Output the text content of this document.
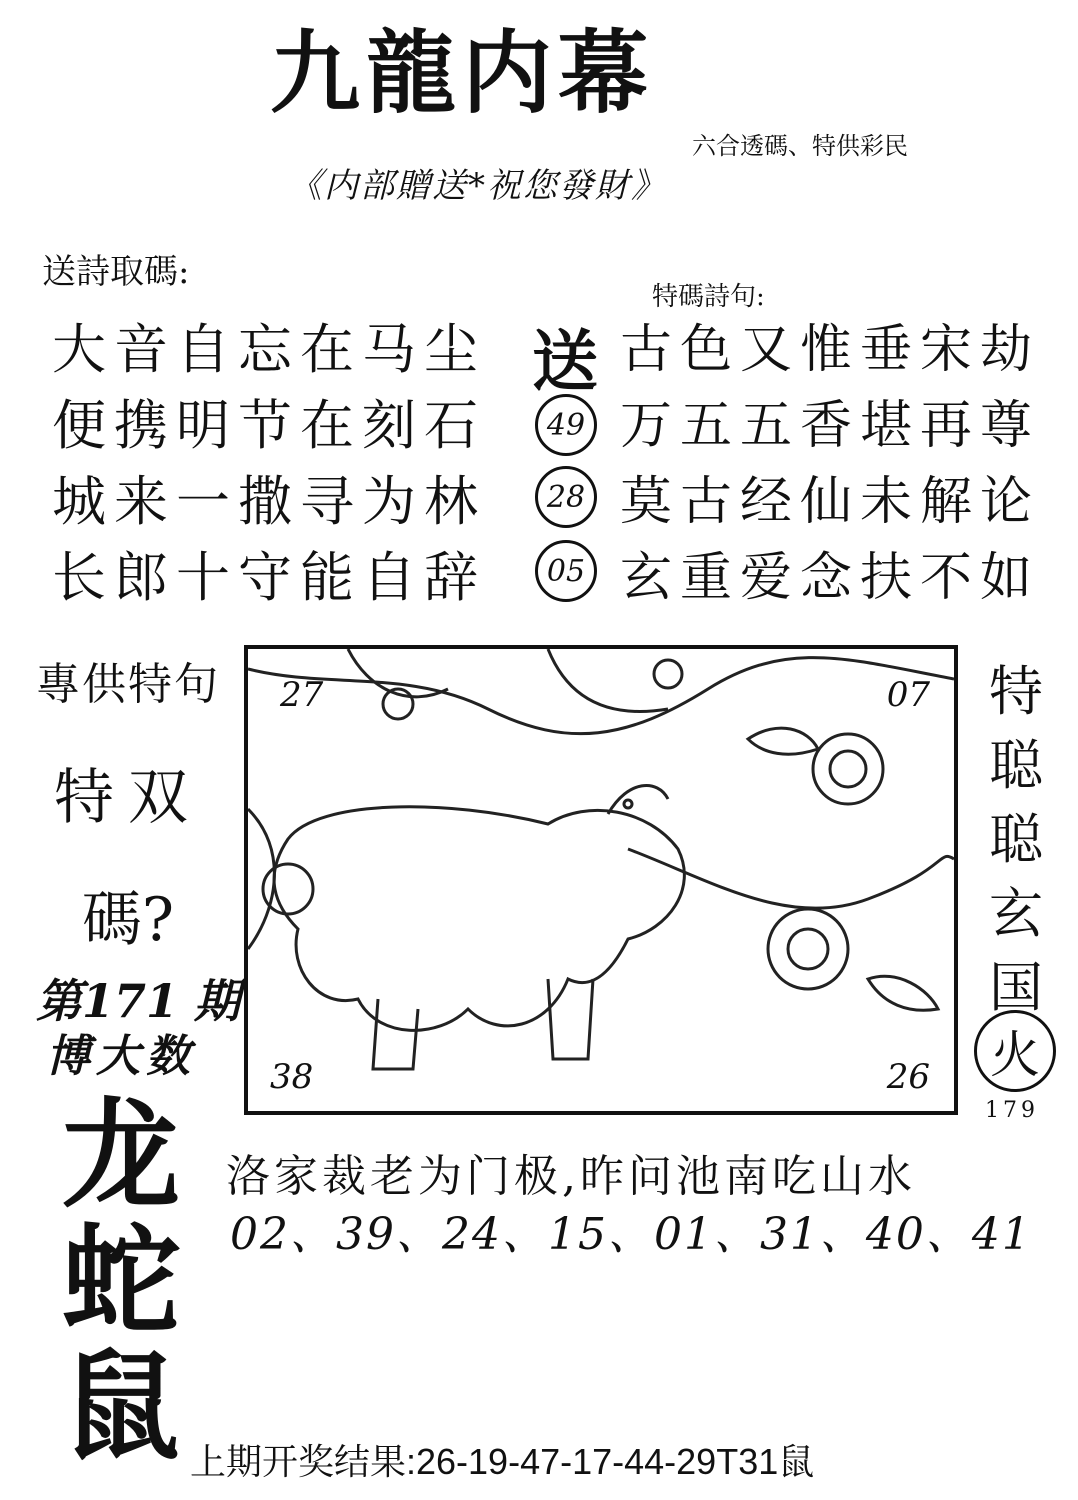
九龍内幕
六合透碼、特供彩民
《内部贈送*祝您發財》
送詩取碼:
大音自忘在马尘
便携明节在刻石
城来一撒寻为林
长郎十守能自辞
特碼詩句:
送
49
28
05
古色又惟垂宋劫
万五五香堪再尊
莫古经仙未解论
玄重爱念扶不如
專供特句
特双
碼?
第171 期
博大数
龙
蛇
鼠
27	07
38	26
特
聪
聪
玄
国
火
179
洛家裁老为门极,昨问池南吃山水
02、39、24、15、01、31、40、41
上期开奖结果:26-19-47-17-44-29T31鼠
